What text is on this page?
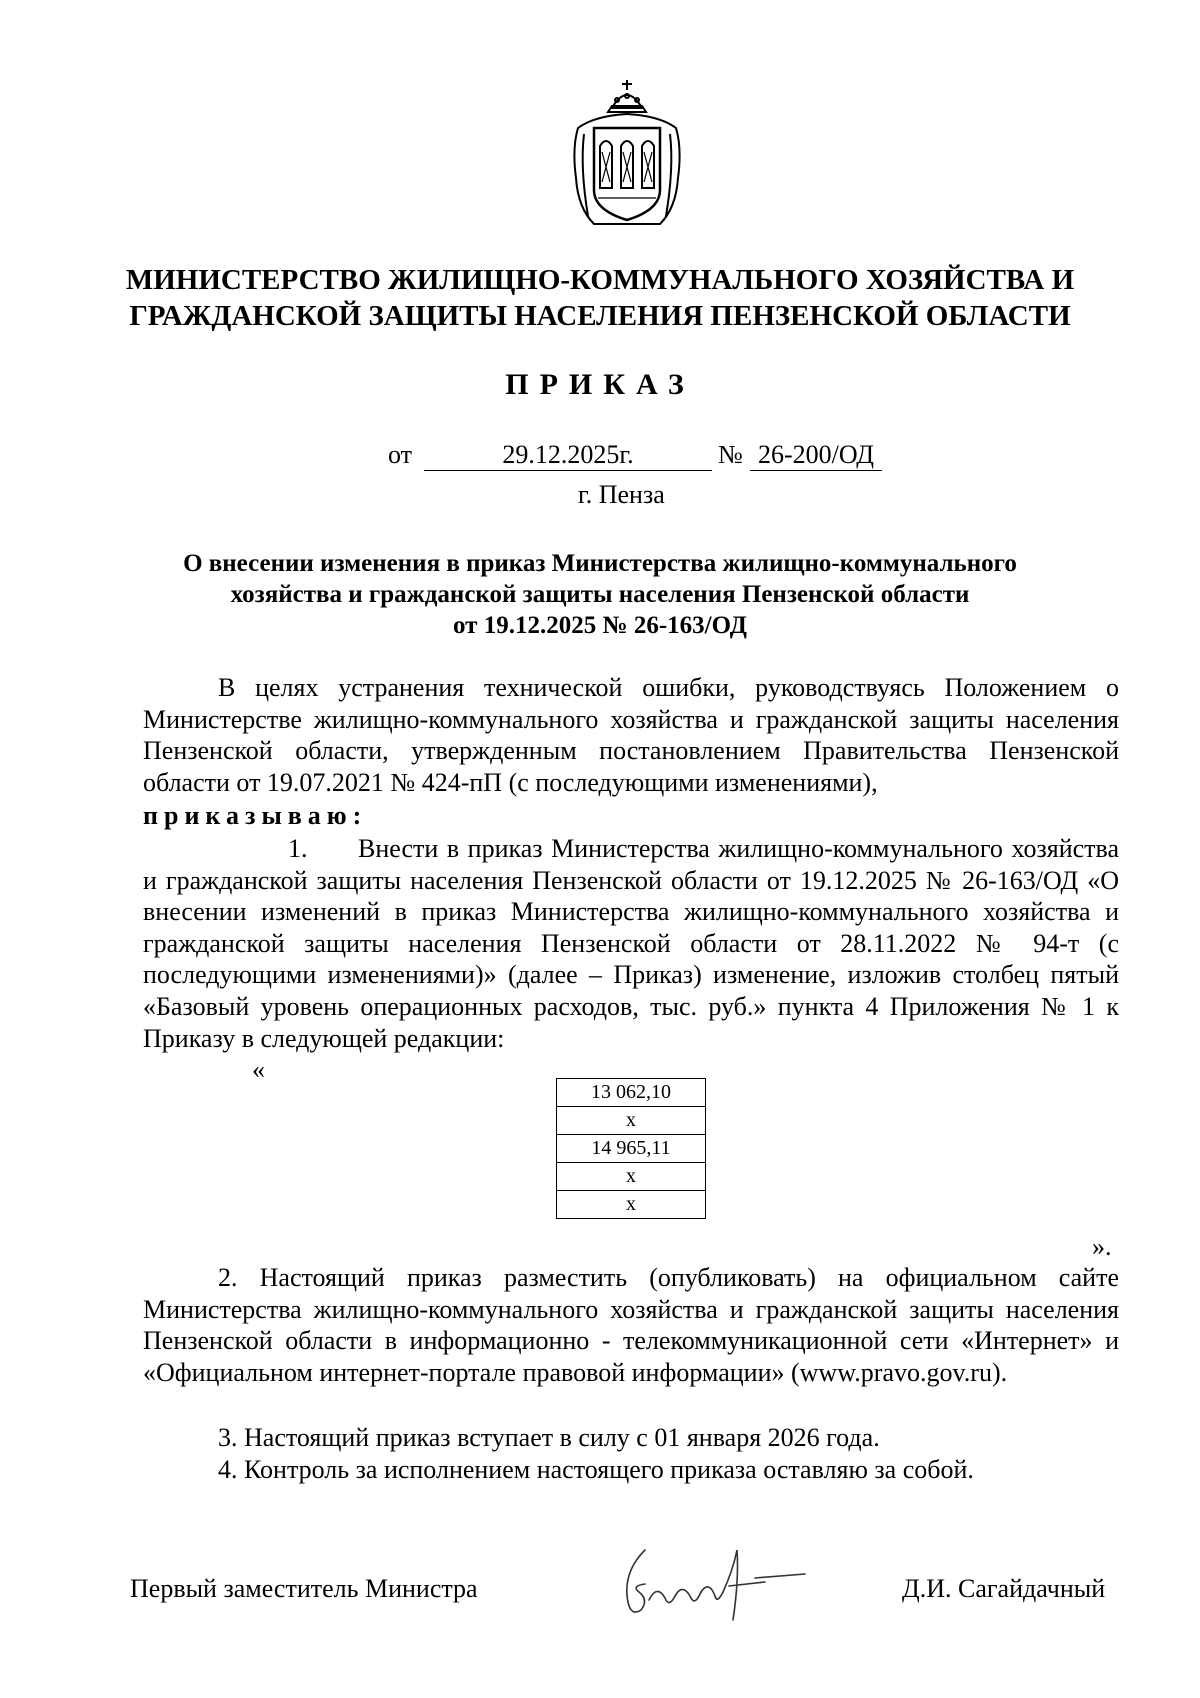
МИНИСТЕРСТВО ЖИЛИЩНО-КОММУНАЛЬНОГО ХОЗЯЙСТВА И
ГРАЖДАНСКОЙ ЗАЩИТЫ НАСЕЛЕНИЯ ПЕНЗЕНСКОЙ ОБЛАСТИ
ПРИКАЗ
от	29.12.2025г.	№ 26-200/ОД
г. Пенза
О внесении изменения в приказ Министерства жилищно-коммунального
хозяйства и гражданской защиты населения Пензенской области
от 19.12.2025 № 26-163/ОД
В целях устранения технической ошибки, руководствуясь Положением о Министерстве жилищно-коммунального хозяйства и гражданской защиты населения Пензенской области, утвержденным постановлением Правительства Пензенской области от 19.07.2021 № 424-пП (с последующими изменениями),
приказываю:
1. Внести в приказ Министерства жилищно-коммунального хозяйства и гражданской защиты населения Пензенской области от 19.12.2025 № 26-163/ОД «О внесении изменений в приказ Министерства жилищно-коммунального хозяйства и гражданской защиты населения Пензенской области от 28.11.2022 № 94-т (с последующими изменениями)» (далее – Приказ) изменение, изложив столбец пятый «Базовый уровень операционных расходов, тыс. руб.» пункта 4 Приложения № 1 к Приказу в следующей редакции:
«
13 062,10
x
14 965,11
x
x
».
2. Настоящий приказ разместить (опубликовать) на официальном сайте Министерства жилищно-коммунального хозяйства и гражданской защиты населения Пензенской области в информационно - телекоммуникационной сети «Интернет» и «Официальном интернет-портале правовой информации» (www.pravo.gov.ru).
3. Настоящий приказ вступает в силу с 01 января 2026 года.
4. Контроль за исполнением настоящего приказа оставляю за собой.
Первый заместитель Министра	Д.И. Сагайдачный
